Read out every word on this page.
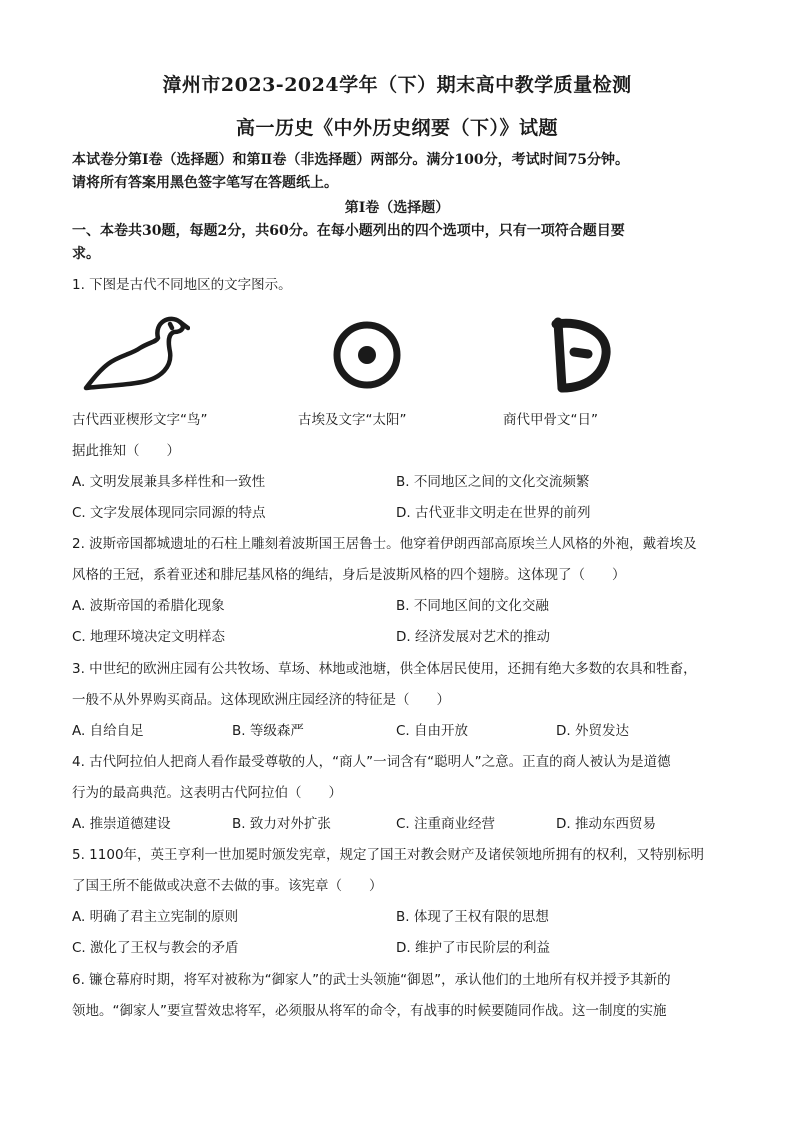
漳州市2023-2024学年（下）期末高中教学质量检测
高一历史《中外历史纲要（下）》试题
本试卷分第Ⅰ卷（选择题）和第Ⅱ卷（非选择题）两部分。满分100分，考试时间75分钟。
请将所有答案用黑色签字笔写在答题纸上。
第Ⅰ卷（选择题）
一、本卷共30题，每题2分，共60分。在每小题列出的四个选项中，只有一项符合题目要
求。
1. 下图是古代不同地区的文字图示。
古代西亚楔形文字“鸟”	古埃及文字“太阳”	商代甲骨文“日”
据此推知（　　）
A. 文明发展兼具多样性和一致性	B. 不同地区之间的文化交流频繁
C. 文字发展体现同宗同源的特点	D. 古代亚非文明走在世界的前列
2. 波斯帝国都城遗址的石柱上雕刻着波斯国王居鲁士。他穿着伊朗西部高原埃兰人风格的外袍，戴着埃及
风格的王冠，系着亚述和腓尼基风格的绳结，身后是波斯风格的四个翅膀。这体现了（　　）
A. 波斯帝国的希腊化现象	B. 不同地区间的文化交融
C. 地理环境决定文明样态	D. 经济发展对艺术的推动
3. 中世纪的欧洲庄园有公共牧场、草场、林地或池塘，供全体居民使用，还拥有绝大多数的农具和牲畜，
一般不从外界购买商品。这体现欧洲庄园经济的特征是（　　）
A. 自给自足	B. 等级森严	C. 自由开放	D. 外贸发达
4. 古代阿拉伯人把商人看作最受尊敬的人，“商人”一词含有“聪明人”之意。正直的商人被认为是道德
行为的最高典范。这表明古代阿拉伯（　　）
A. 推崇道德建设	B. 致力对外扩张	C. 注重商业经营	D. 推动东西贸易
5. 1100年，英王亨利一世加冕时颁发宪章，规定了国王对教会财产及诸侯领地所拥有的权利，又特别标明
了国王所不能做或决意不去做的事。该宪章（　　）
A. 明确了君主立宪制的原则	B. 体现了王权有限的思想
C. 激化了王权与教会的矛盾	D. 维护了市民阶层的利益
6. 镰仓幕府时期，将军对被称为“御家人”的武士头领施“御恩”，承认他们的土地所有权并授予其新的
领地。“御家人”要宣誓效忠将军，必须服从将军的命令，有战事的时候要随同作战。这一制度的实施
